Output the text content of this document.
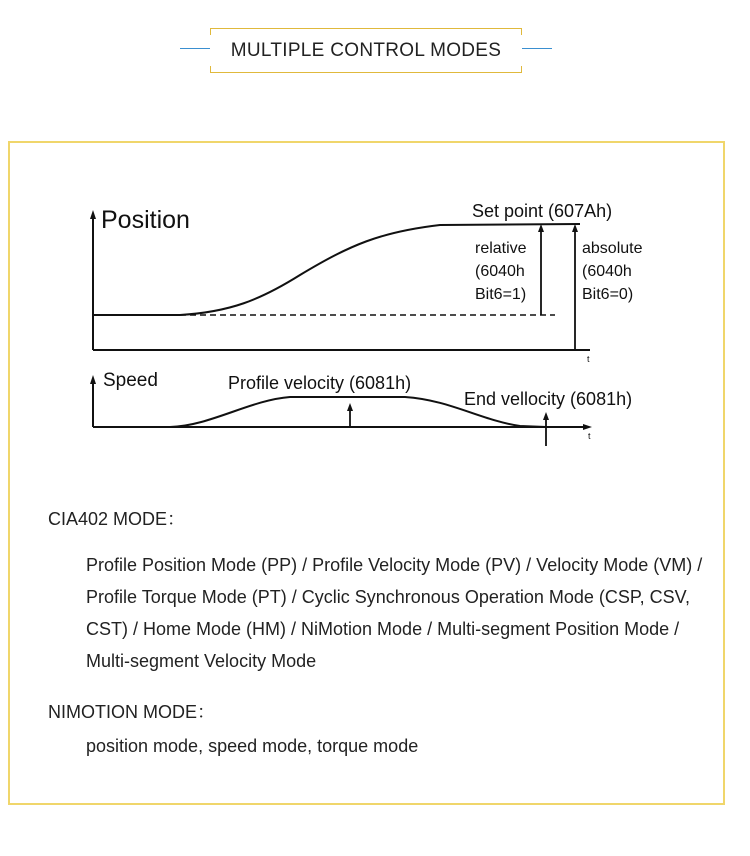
MULTIPLE CONTROL MODES
Position	Set point (607Ah)
relative
(6040h
Bit6=1)
absolute
(6040h
Bit6=0)
t
Speed	Profile velocity (6081h)
End vellocity (6081h)
t
CIA402 MODE：
Profile Position Mode (PP) / Profile Velocity Mode (PV) / Velocity Mode (VM) / Profile Torque Mode (PT) / Cyclic Synchronous Operation Mode (CSP, CSV, CST) / Home Mode (HM) / NiMotion Mode / Multi-segment Position Mode / Multi-segment Velocity Mode
NIMOTION MODE：
position mode, speed mode, torque mode
